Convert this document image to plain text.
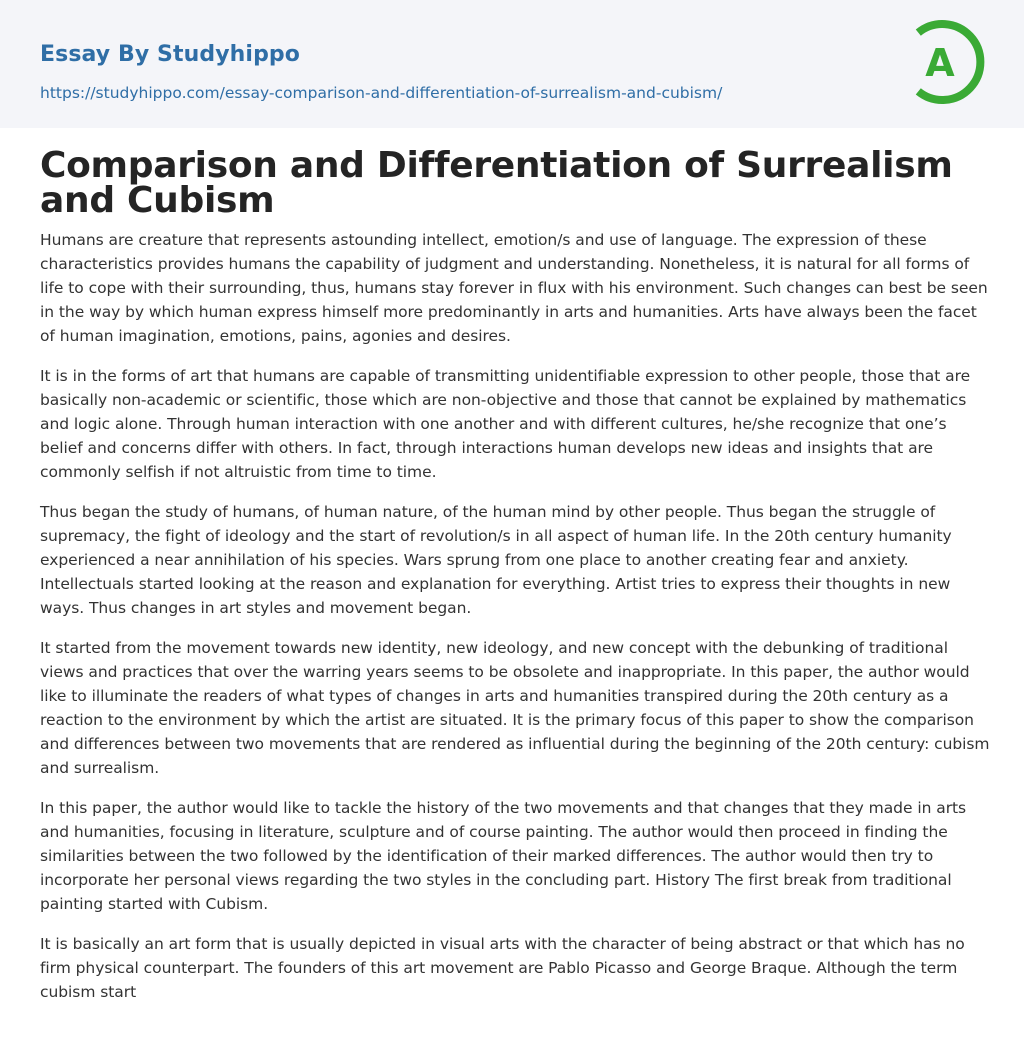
Essay By Studyhippo
https://studyhippo.com/essay-comparison-and-differentiation-of-surrealism-and-cubism/
A
Comparison and Differentiation of Surrealism and Cubism

Humans are creature that represents astounding intellect, emotion/s and use of language. The expression of these characteristics provides humans the capability of judgment and understanding. Nonetheless, it is natural for all forms of life to cope with their surrounding, thus, humans stay forever in flux with his environment. Such changes can best be seen in the way by which human express himself more predominantly in arts and humanities. Arts have always been the facet of human imagination, emotions, pains, agonies and desires.

It is in the forms of art that humans are capable of transmitting unidentifiable expression to other people, those that are basically non-academic or scientific, those which are non-objective and those that cannot be explained by mathematics and logic alone. Through human interaction with one another and with different cultures, he/she recognize that one’s belief and concerns differ with others. In fact, through interactions human develops new ideas and insights that are commonly selfish if not altruistic from time to time.

Thus began the study of humans, of human nature, of the human mind by other people. Thus began the struggle of supremacy, the fight of ideology and the start of revolution/s in all aspect of human life. In the 20th century humanity experienced a near annihilation of his species. Wars sprung from one place to another creating fear and anxiety. Intellectuals started looking at the reason and explanation for everything. Artist tries to express their thoughts in new ways. Thus changes in art styles and movement began.

It started from the movement towards new identity, new ideology, and new concept with the debunking of traditional views and practices that over the warring years seems to be obsolete and inappropriate. In this paper, the author would like to illuminate the readers of what types of changes in arts and humanities transpired during the 20th century as a reaction to the environment by which the artist are situated. It is the primary focus of this paper to show the comparison and differences between two movements that are rendered as influential during the beginning of the 20th century: cubism and surrealism.

In this paper, the author would like to tackle the history of the two movements and that changes that they made in arts and humanities, focusing in literature, sculpture and of course painting. The author would then proceed in finding the similarities between the two followed by the identification of their marked differences. The author would then try to incorporate her personal views regarding the two styles in the concluding part. History The first break from traditional painting started with Cubism.

It is basically an art form that is usually depicted in visual arts with the character of being abstract or that which has no firm physical counterpart. The founders of this art movement are Pablo Picasso and George Braque. Although the term cubism start
